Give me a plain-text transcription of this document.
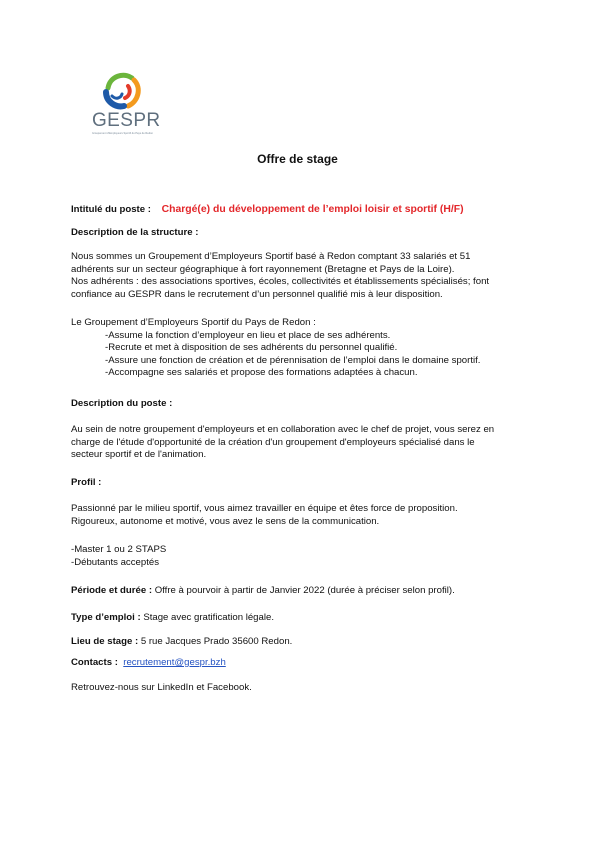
GESPR
Groupement d'Employeurs Sportif du Pays de Redon
Offre de stage
Intitulé du poste : Chargé(e) du développement de l’emploi loisir et sportif (H/F)
Description de la structure :

Nous sommes un Groupement d’Employeurs Sportif basé à Redon comptant 33 salariés et 51

adhérents sur un secteur géographique à fort rayonnement (Bretagne et Pays de la Loire).

Nos adhérents : des associations sportives, écoles, collectivités et établissements spécialisés; font

confiance au GESPR dans le recrutement d’un personnel qualifié mis à leur disposition.

Le Groupement d’Employeurs Sportif du Pays de Redon :

-Assume la fonction d’employeur en lieu et place de ses adhérents.

-Recrute et met à disposition de ses adhérents du personnel qualifié.

-Assure une fonction de création et de pérennisation de l’emploi dans le domaine sportif.

-Accompagne ses salariés et propose des formations adaptées à chacun.

Description du poste :

Au sein de notre groupement d'employeurs et en collaboration avec le chef de projet, vous serez en

charge de l'étude d'opportunité de la création d'un groupement d'employeurs spécialisé dans le

secteur sportif et de l'animation.

Profil :

Passionné par le milieu sportif, vous aimez travailler en équipe et êtes force de proposition.

Rigoureux, autonome et motivé, vous avez le sens de la communication.

-Master 1 ou 2 STAPS

-Débutants acceptés

Période et durée : Offre à pourvoir à partir de Janvier 2022 (durée à préciser selon profil).
Type d’emploi : Stage avec gratification légale.
Lieu de stage : 5 rue Jacques Prado 35600 Redon.
Contacts : recrutement@gespr.bzh
Retrouvez-nous sur LinkedIn et Facebook.
